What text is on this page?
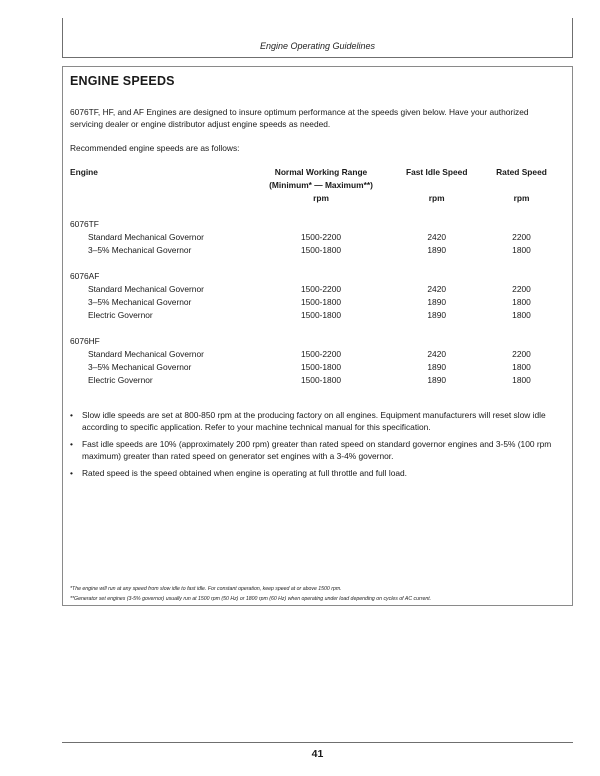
Engine Operating Guidelines
ENGINE SPEEDS

6076TF, HF, and AF Engines are designed to insure optimum performance at the speeds given below. Have your authorized servicing dealer or engine distributor adjust engine speeds as needed.

Recommended engine speeds are as follows:

Engine	Normal Working Range	Fast Idle Speed	Rated Speed
	(Minimum* — Maximum**)		
	rpm	rpm	rpm

6076TF			
Standard Mechanical Governor	1500-2200	2420	2200
3–5% Mechanical Governor	1500-1800	1890	1800

6076AF			
Standard Mechanical Governor	1500-2200	2420	2200
3–5% Mechanical Governor	1500-1800	1890	1800
Electric Governor	1500-1800	1890	1800

6076HF			
Standard Mechanical Governor	1500-2200	2420	2200
3–5% Mechanical Governor	1500-1800	1890	1800
Electric Governor	1500-1800	1890	1800
• Slow idle speeds are set at 800-850 rpm at the producing factory on all engines. Equipment manufacturers will reset slow idle according to specific application. Refer to your machine technical manual for this specification.
• Fast idle speeds are 10% (approximately 200 rpm) greater than rated speed on standard governor engines and 3-5% (100 rpm maximum) greater than rated speed on generator set engines with a 3-4% governor.
• Rated speed is the speed obtained when engine is operating at full throttle and full load.

*The engine will run at any speed from slow idle to fast idle. For constant operation, keep speed at or above 1500 rpm.

**Generator set engines (3-5% governor) usually run at 1500 rpm (50 Hz) or 1800 rpm (60 Hz) when operating under load depending on cycles of AC current.

41
